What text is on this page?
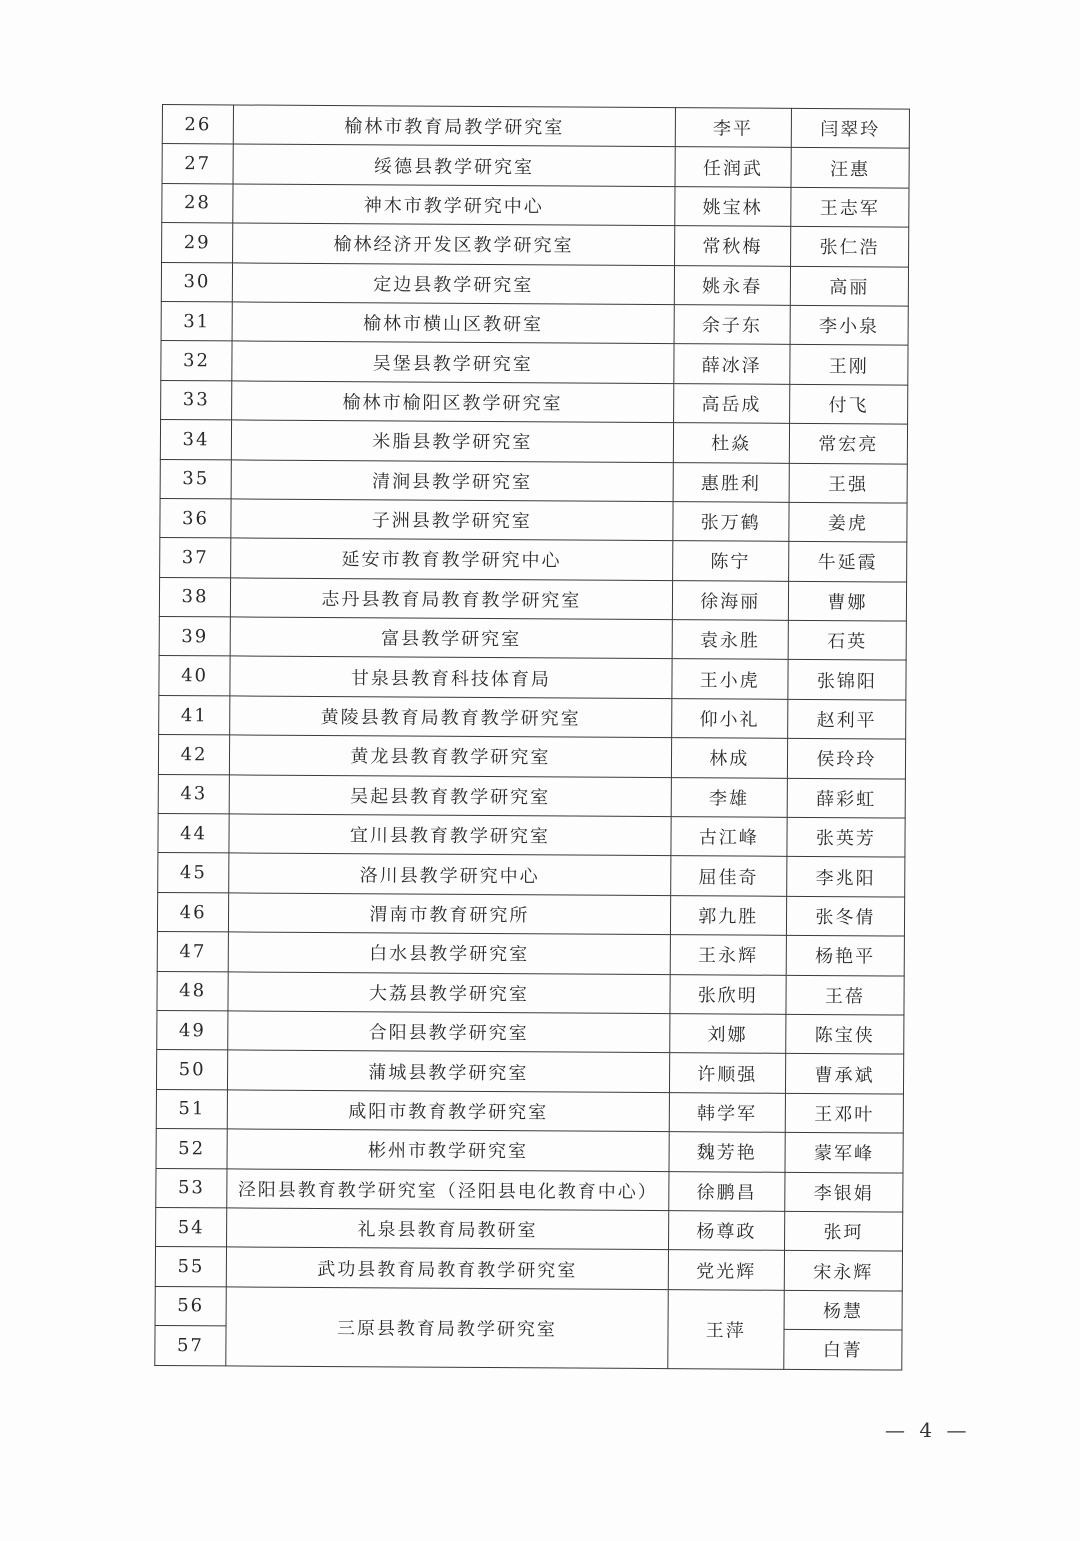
26	榆林市教育局教学研究室	李平	闫翠玲
27	绥德县教学研究室	任润武	汪惠
28	神木市教学研究中心	姚宝林	王志军
29	榆林经济开发区教学研究室	常秋梅	张仁浩
30	定边县教学研究室	姚永春	高丽
31	榆林市横山区教研室	余子东	李小泉
32	吴堡县教学研究室	薛冰泽	王刚
33	榆林市榆阳区教学研究室	高岳成	付飞
34	米脂县教学研究室	杜焱	常宏亮
35	清涧县教学研究室	惠胜利	王强
36	子洲县教学研究室	张万鹤	姜虎
37	延安市教育教学研究中心	陈宁	牛延霞
38	志丹县教育局教育教学研究室	徐海丽	曹娜
39	富县教学研究室	袁永胜	石英
40	甘泉县教育科技体育局	王小虎	张锦阳
41	黄陵县教育局教育教学研究室	仰小礼	赵利平
42	黄龙县教育教学研究室	林成	侯玲玲
43	吴起县教育教学研究室	李雄	薛彩虹
44	宜川县教育教学研究室	古江峰	张英芳
45	洛川县教学研究中心	屈佳奇	李兆阳
46	渭南市教育研究所	郭九胜	张冬倩
47	白水县教学研究室	王永辉	杨艳平
48	大荔县教学研究室	张欣明	王蓓
49	合阳县教学研究室	刘娜	陈宝侠
50	蒲城县教学研究室	许顺强	曹承斌
51	咸阳市教育教学研究室	韩学军	王邓叶
52	彬州市教学研究室	魏芳艳	蒙军峰
53	泾阳县教育教学研究室（泾阳县电化教育中心）	徐鹏昌	李银娟
54	礼泉县教育局教研室	杨尊政	张珂
55	武功县教育局教育教学研究室	党光辉	宋永辉
56	三原县教育局教学研究室	王萍	杨慧
57			白菁
— 4 —
